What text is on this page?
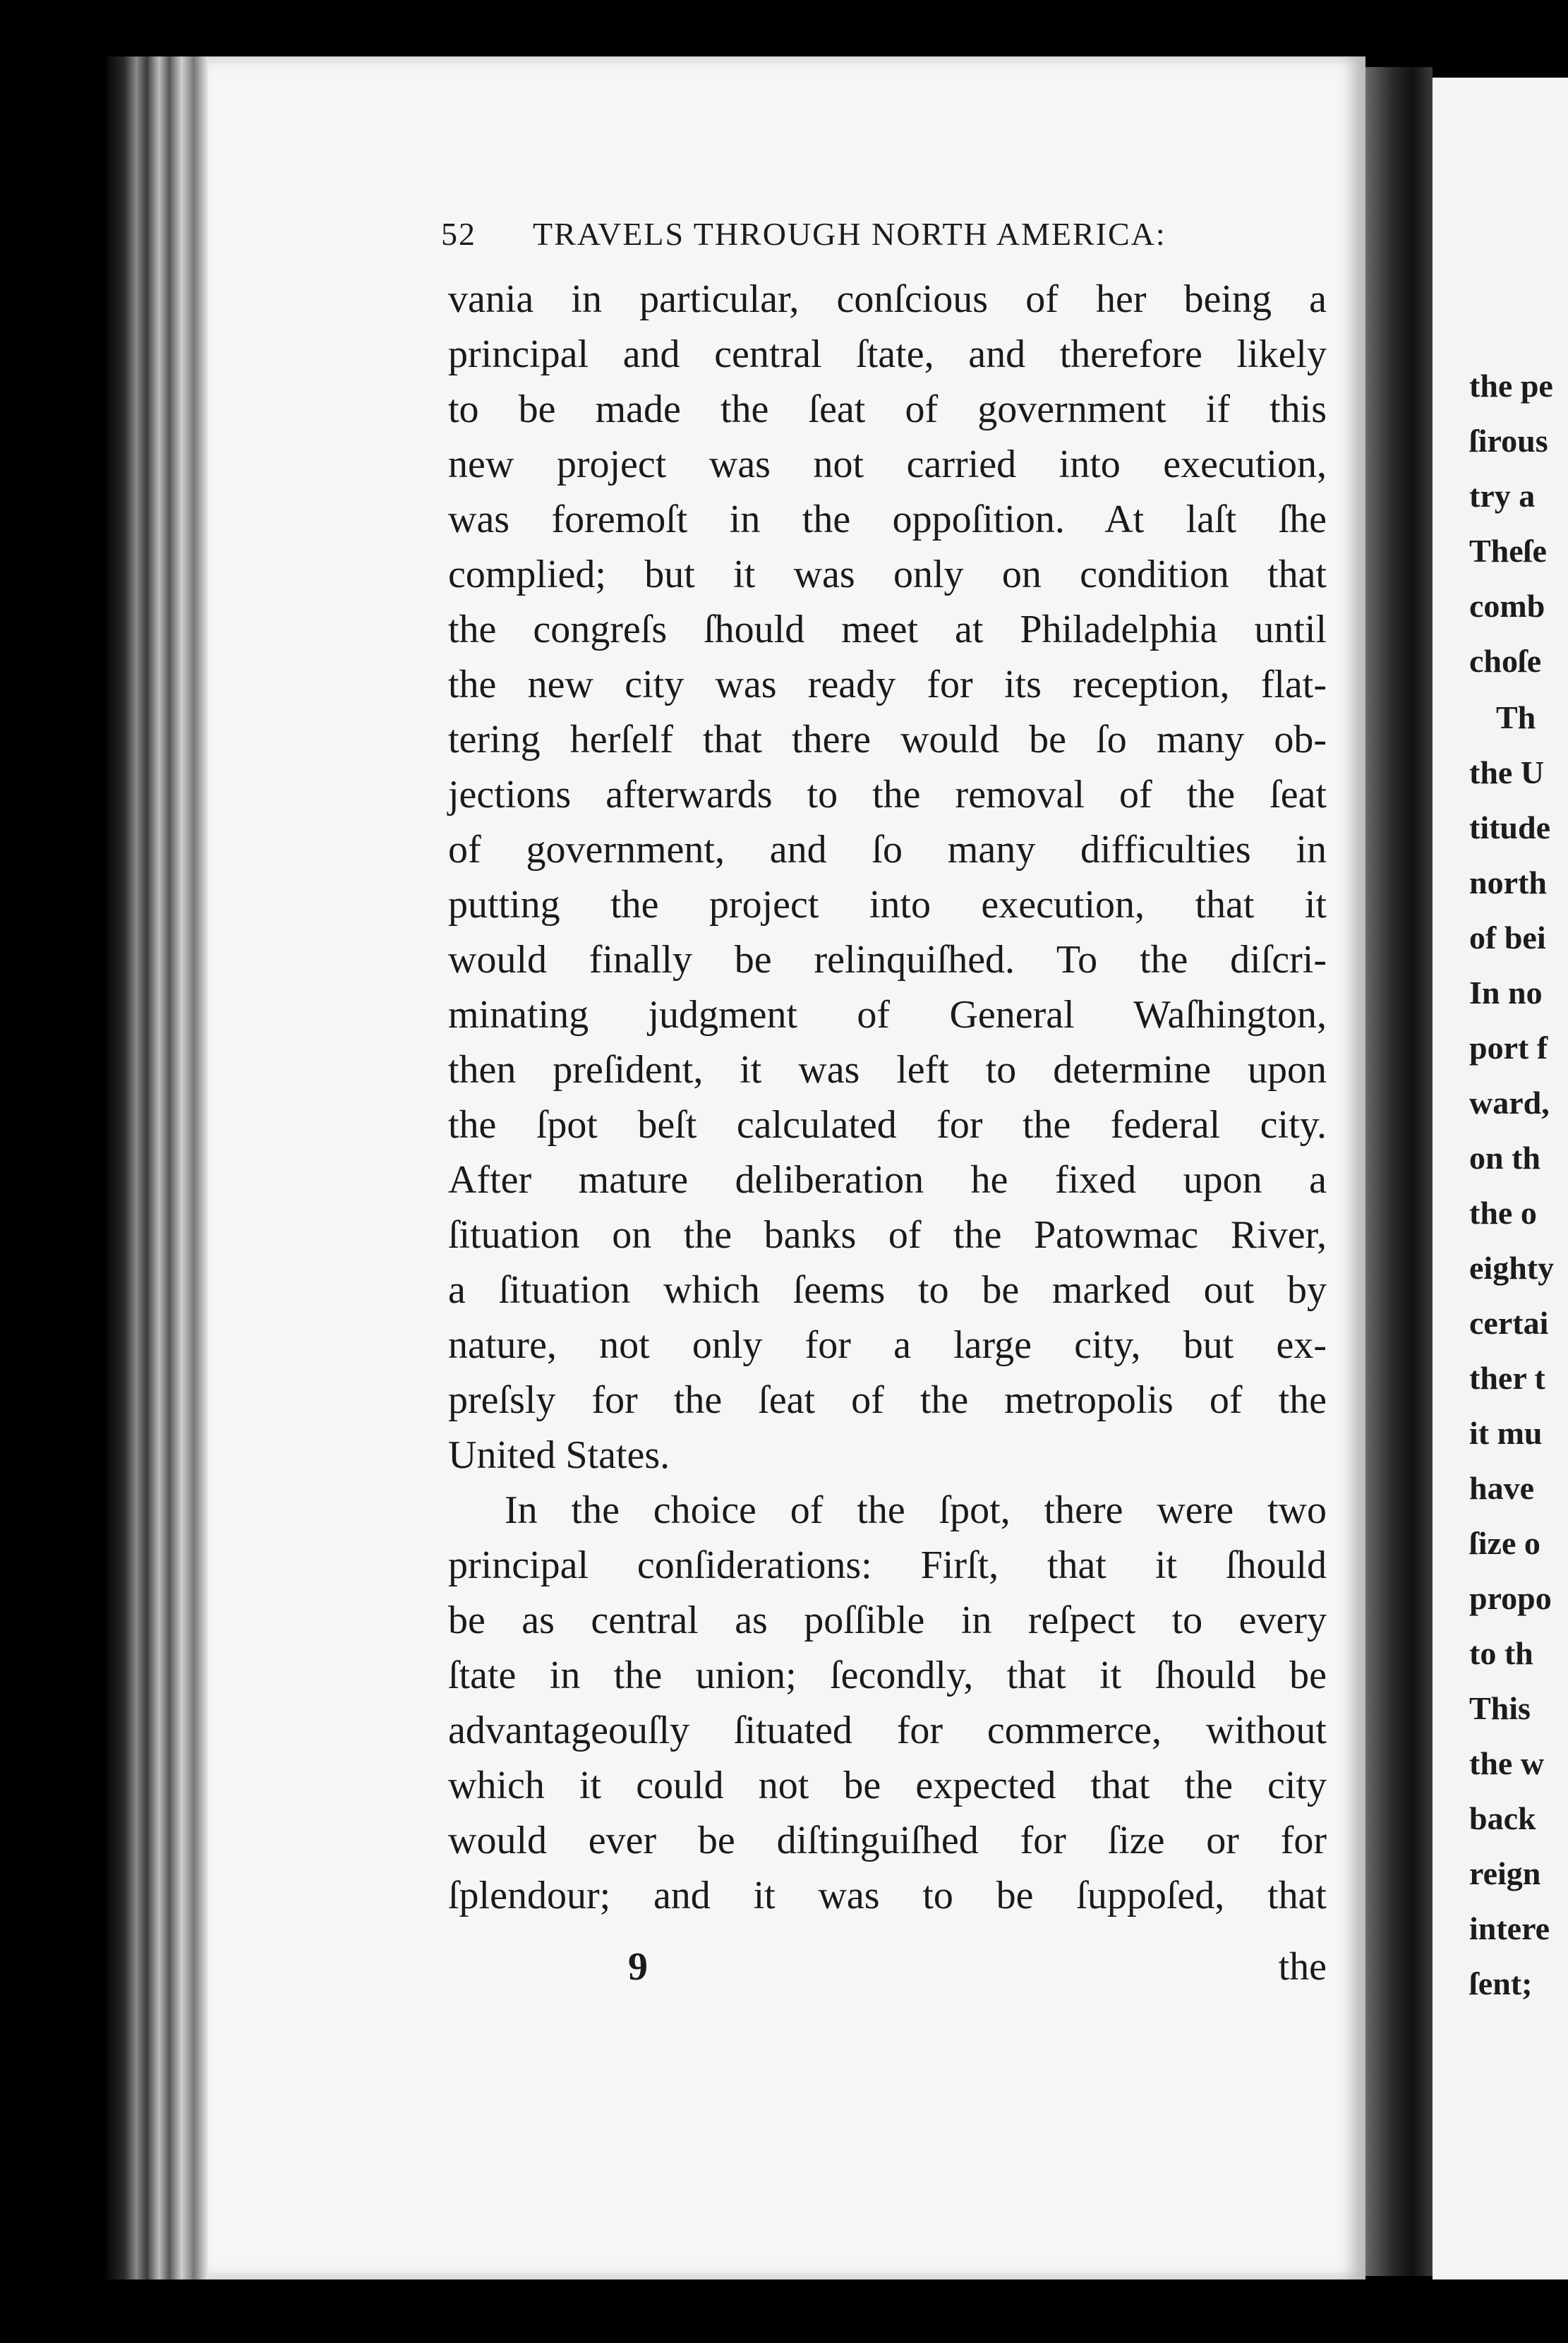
52 TRAVELS THROUGH NORTH AMERICA:
vania in particular, conſcious of her being a
principal and central ſtate, and therefore likely
to be made the ſeat of government if this
new project was not carried into execution,
was foremoſt in the oppoſition. At laſt ſhe
complied; but it was only on condition that
the congreſs ſhould meet at Philadelphia until
the new city was ready for its reception, flat-
tering herſelf that there would be ſo many ob-
jections afterwards to the removal of the ſeat
of government, and ſo many difficulties in
putting the project into execution, that it
would finally be relinquiſhed. To the diſcri-
minating judgment of General Waſhington,
then preſident, it was left to determine upon
the ſpot beſt calculated for the federal city.
After mature deliberation he fixed upon a
ſituation on the banks of the Patowmac River,
a ſituation which ſeems to be marked out by
nature, not only for a large city, but ex-
preſsly for the ſeat of the metropolis of the
United States.
In the choice of the ſpot, there were two
principal conſiderations: Firſt, that it ſhould
be as central as poſſible in reſpect to every
ſtate in the union; ſecondly, that it ſhould be
advantageouſly ſituated for commerce, without
which it could not be expected that the city
would ever be diſtinguiſhed for ſize or for
ſplendour; and it was to be ſuppoſed, that
9	the
the pe
ſirous
try a
Theſe
comb
choſe
Th
the U
titude
north
of bei
In no
port f
ward,
on th
the o
eighty
certai
ther t
it mu
have
ſize o
propo
to th
This
the w
back
reign
intere
ſent;
